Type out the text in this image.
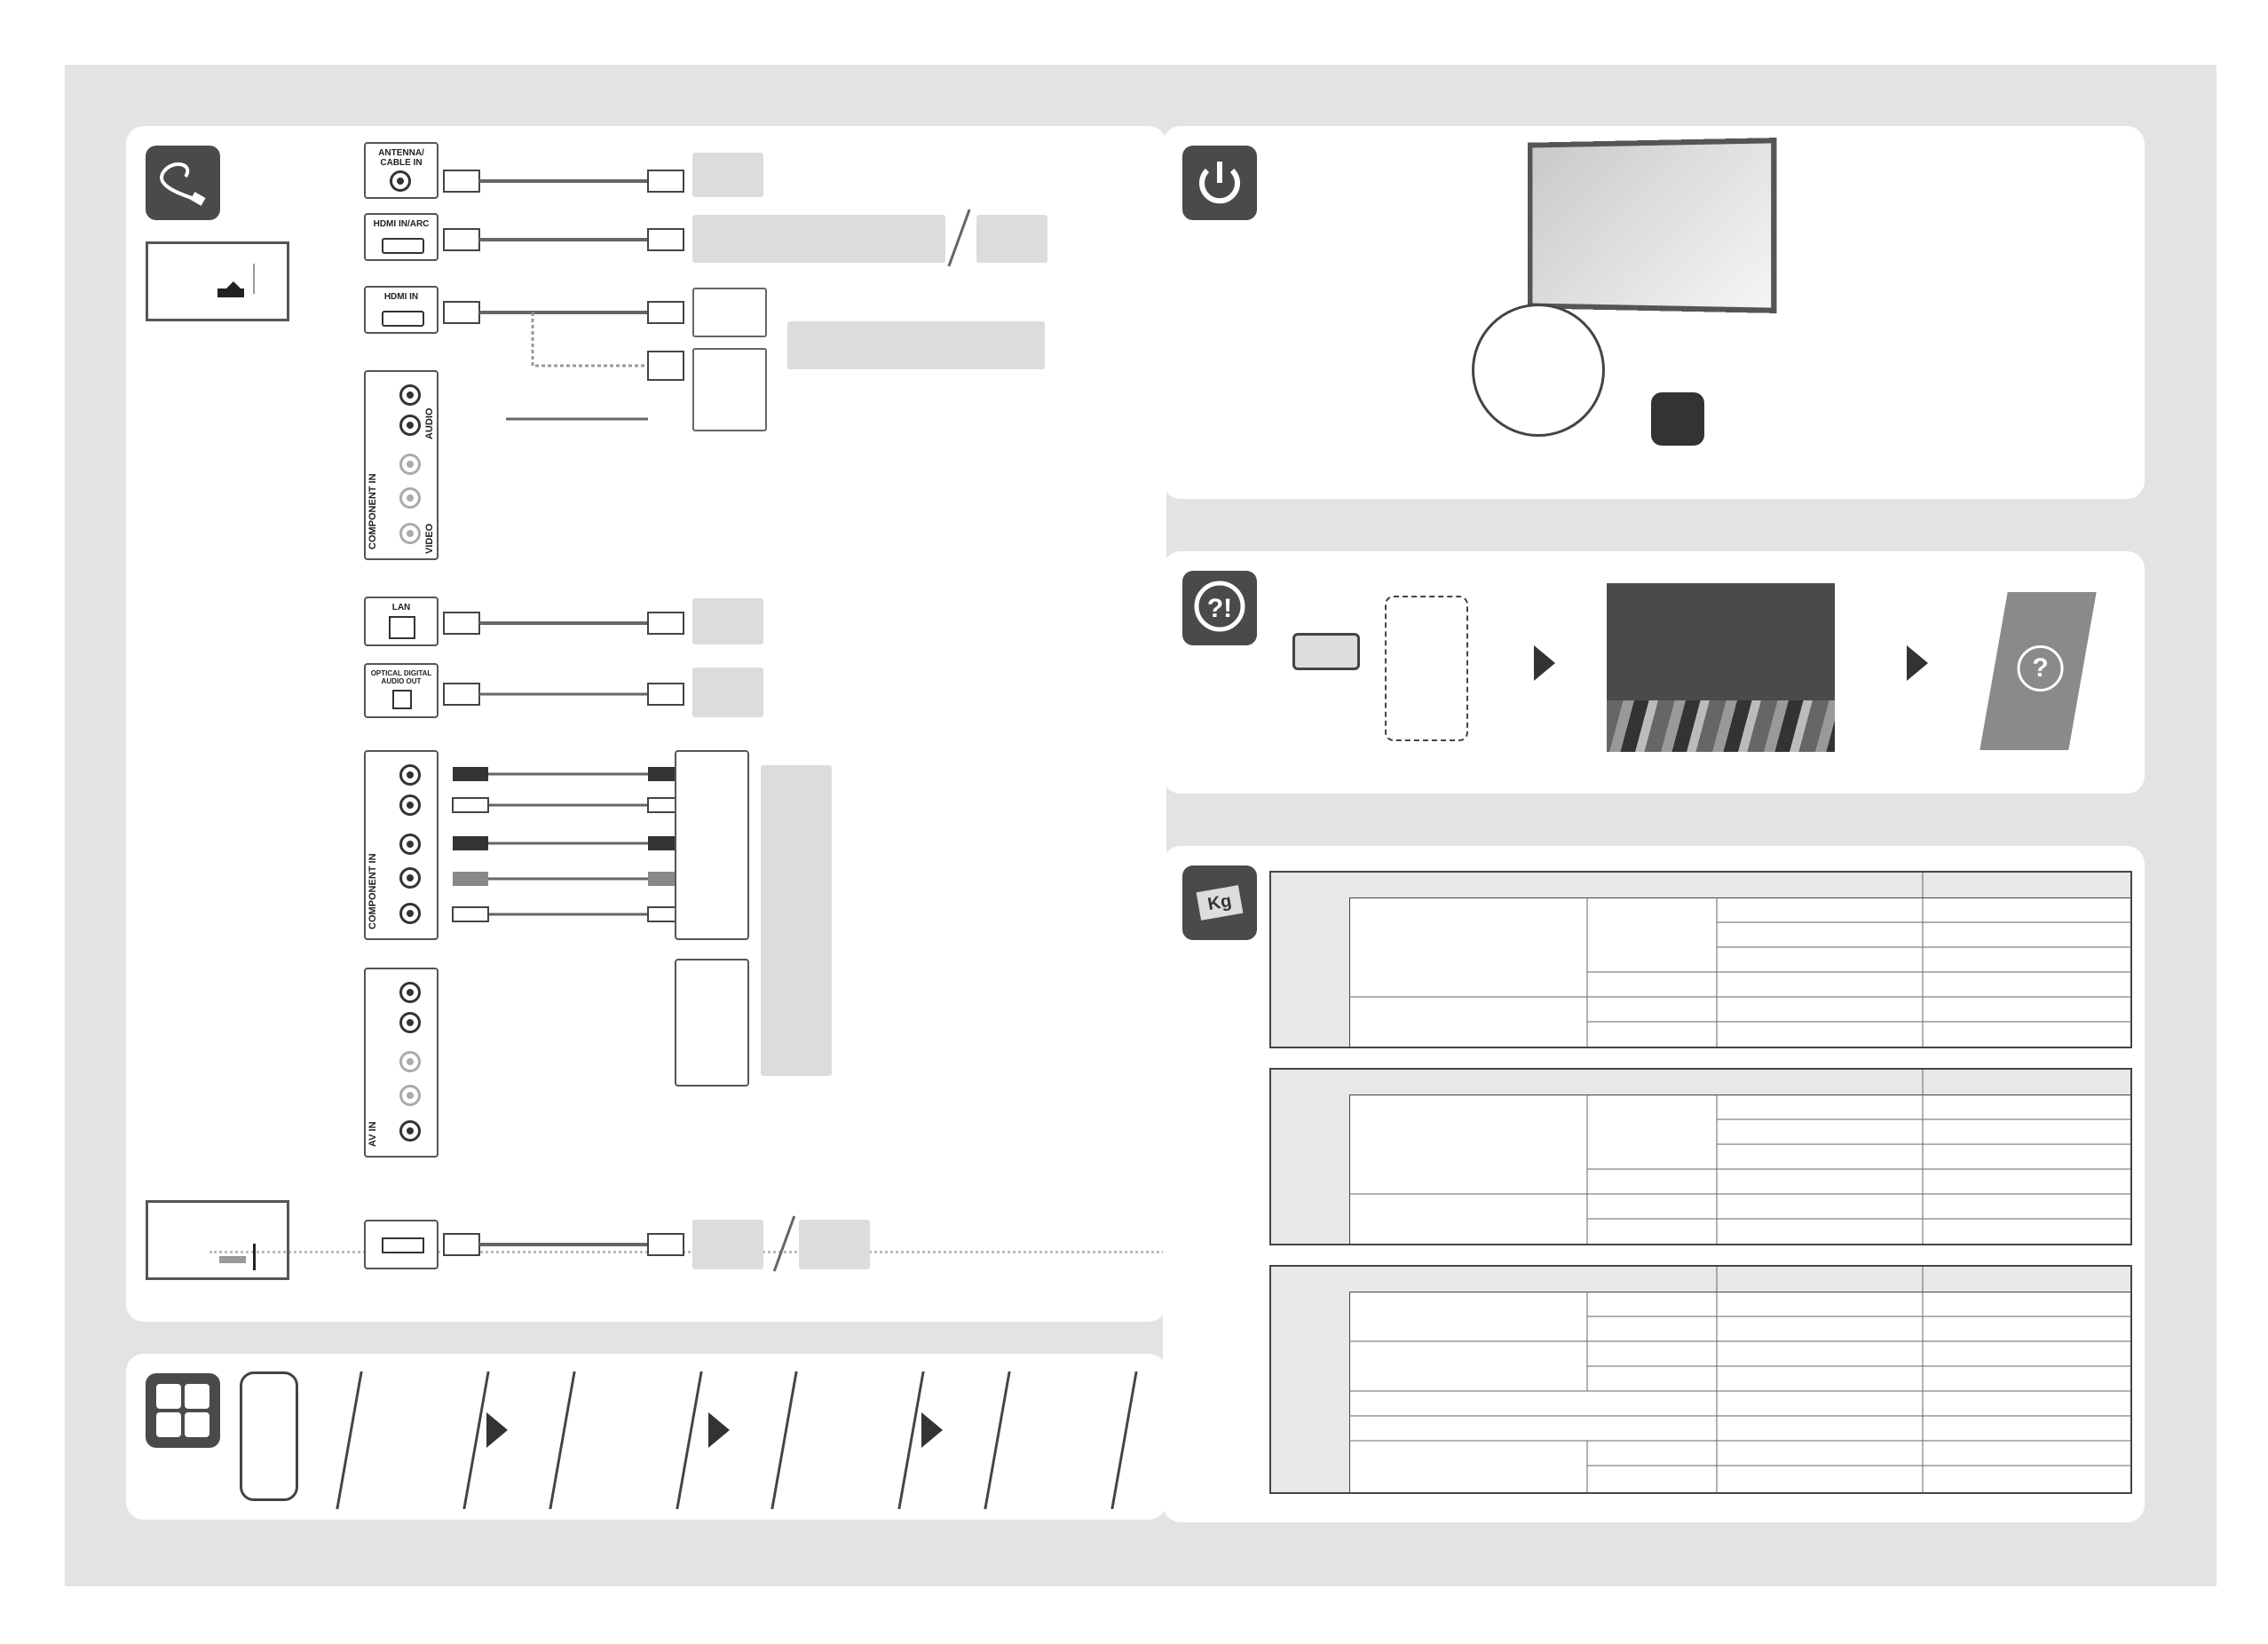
ANTENNA/
CABLE IN
HDMI IN/ARC
HDMI IN
COMPONENT IN
AUDIO
VIDEO
LAN
OPTICAL DIGITAL
AUDIO OUT
COMPONENT IN
AV IN
?!
?
Kg
